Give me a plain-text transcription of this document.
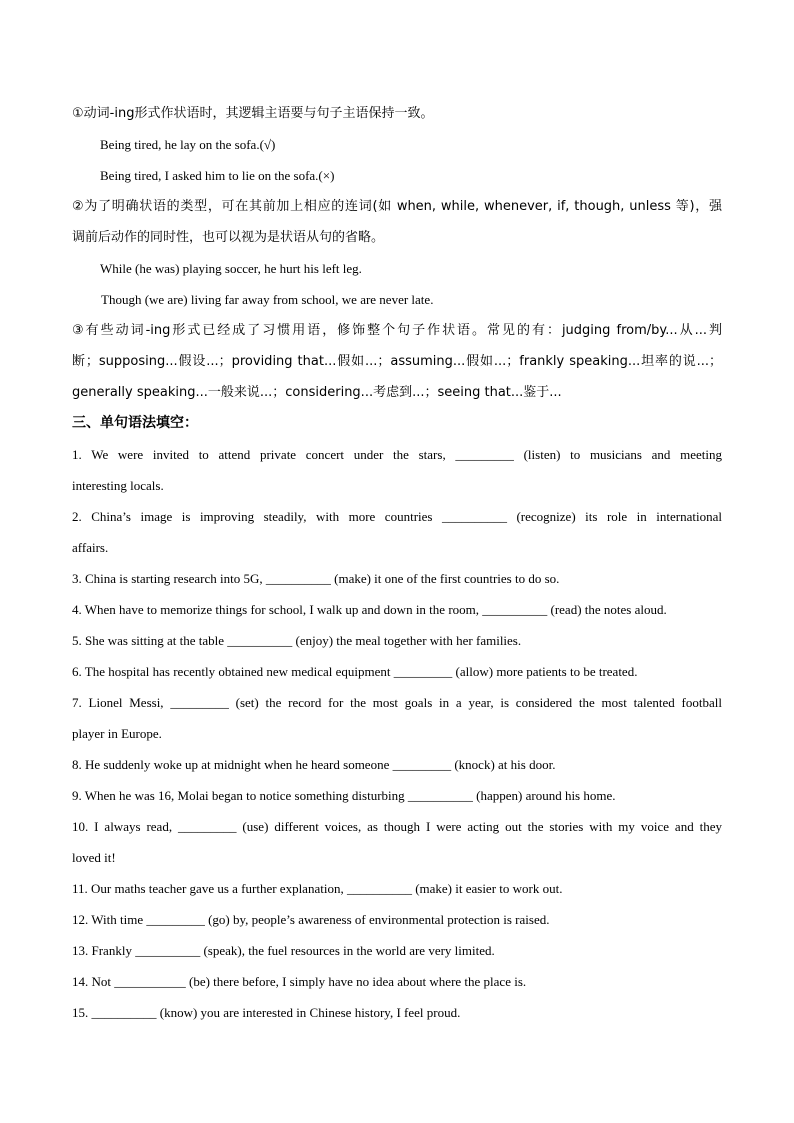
①动词-ing形式作状语时，其逻辑主语要与句子主语保持一致。
Being tired, he lay on the sofa.(√)
Being tired, I asked him to lie on the sofa.(×)
②为了明确状语的类型，可在其前加上相应的连词(如 when, while, whenever, if, though, unless 等)，强
调前后动作的同时性，也可以视为是状语从句的省略。
While (he was) playing soccer, he hurt his left leg.
Though (we are) living far away from school, we are never late.
③有些动词-ing形式已经成了习惯用语，修饰整个句子作状语。常见的有：judging from/by...从...判
断；supposing...假设...；providing that...假如...；assuming...假如...；frankly speaking...坦率的说...；
generally speaking...一般来说...；considering...考虑到...；seeing that...鉴于...
三、单句语法填空：
1. We were invited to attend private concert under the stars, _________ (listen) to musicians and meeting
interesting locals.
2. China’s image is improving steadily, with more countries __________ (recognize) its role in international
affairs.
3. China is starting research into 5G, __________ (make) it one of the first countries to do so.
4. When have to memorize things for school, I walk up and down in the room, __________ (read) the notes aloud.
5. She was sitting at the table __________ (enjoy) the meal together with her families.
6. The hospital has recently obtained new medical equipment _________ (allow) more patients to be treated.
7. Lionel Messi, _________ (set) the record for the most goals in a year, is considered the most talented football
player in Europe.
8. He suddenly woke up at midnight when he heard someone _________ (knock) at his door.
9. When he was 16, Molai began to notice something disturbing __________ (happen) around his home.
10. I always read, _________ (use) different voices, as though I were acting out the stories with my voice and they
loved it!
11. Our maths teacher gave us a further explanation, __________ (make) it easier to work out.
12. With time _________ (go) by, people’s awareness of environmental protection is raised.
13. Frankly __________ (speak), the fuel resources in the world are very limited.
14. Not ___________ (be) there before, I simply have no idea about where the place is.
15. __________ (know) you are interested in Chinese history, I feel proud.
